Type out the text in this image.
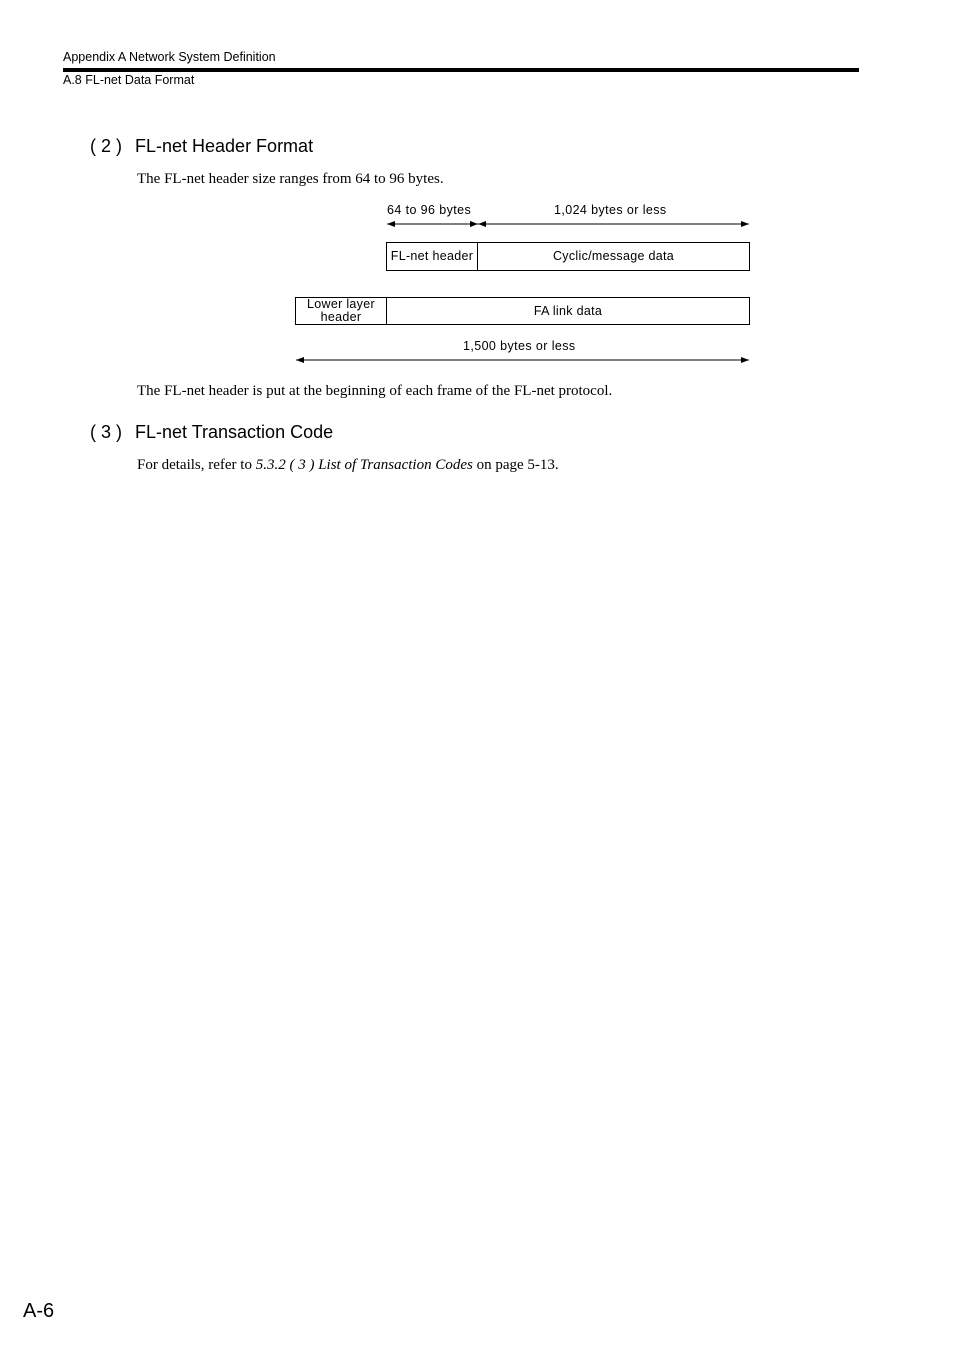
Appendix A Network System Definition
A.8 FL-net Data Format
( 2 ) FL-net Header Format
The FL-net header size ranges from 64 to 96 bytes.
64 to 96 bytes	1,024 bytes or less
FL-net header	Cyclic/message data
Lower layer
header	FA link data
1,500 bytes or less
The FL-net header is put at the beginning of each frame of the FL-net protocol.
( 3 ) FL-net Transaction Code
For details, refer to 5.3.2 ( 3 ) List of Transaction Codes on page 5-13.
A-6
